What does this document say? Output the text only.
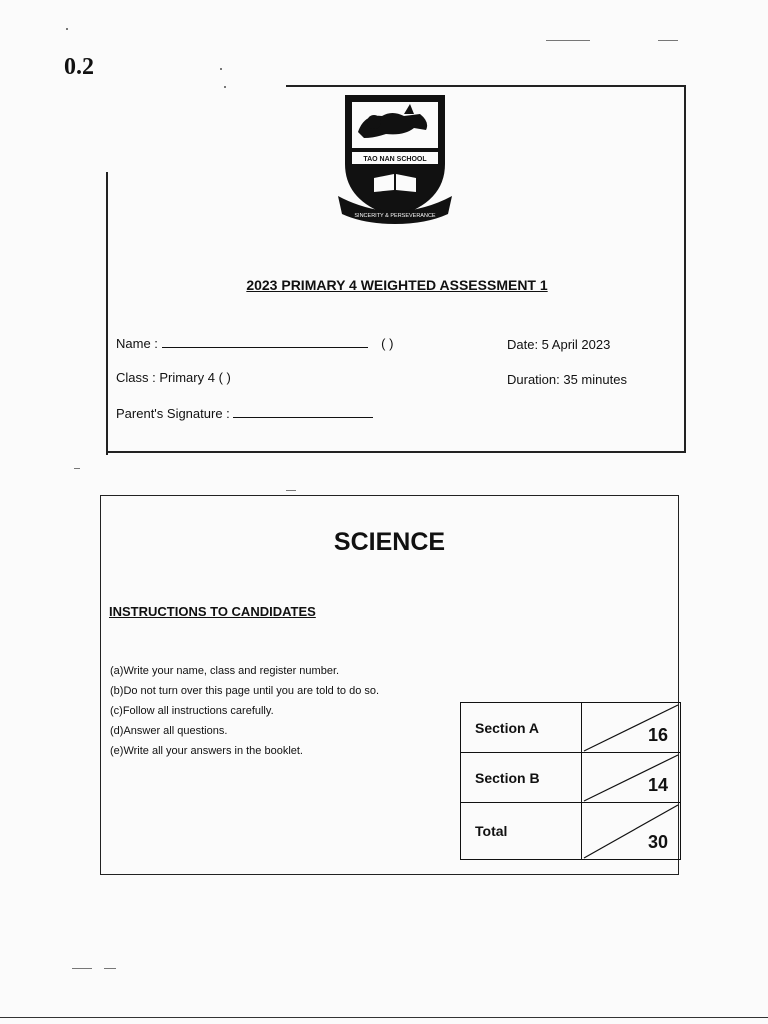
0.2
TAO NAN SCHOOL
SINCERITY & PERSEVERANCE
2023 PRIMARY 4 WEIGHTED ASSESSMENT 1
Name :	( )	Date: 5 April 2023
Class : Primary 4 ( )	Duration: 35 minutes
Parent's Signature :
SCIENCE
INSTRUCTIONS TO CANDIDATES
(a)Write your name, class and register number.
(b)Do not turn over this page until you are told to do so.
(c)Follow all instructions carefully.
(d)Answer all questions.
(e)Write all your answers in the booklet.
Section A	16

Section B	14

Total	30
